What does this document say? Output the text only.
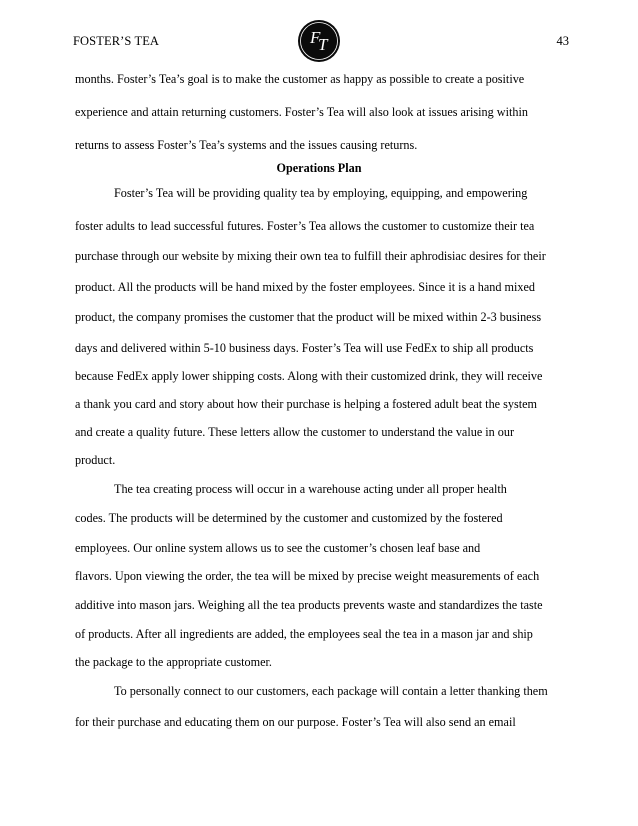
FOSTER’S TEA	F
T	43
months. Foster’s Tea’s goal is to make the customer as happy as possible to create a positive
experience and attain returning customers. Foster’s Tea will also look at issues arising within
returns to assess Foster’s Tea’s systems and the issues causing returns.
Operations Plan
Foster’s Tea will be providing quality tea by employing, equipping, and empowering
foster adults to lead successful futures. Foster’s Tea allows the customer to customize their tea
purchase through our website by mixing their own tea to fulfill their aphrodisiac desires for their
product. All the products will be hand mixed by the foster employees. Since it is a hand mixed
product, the company promises the customer that the product will be mixed within 2-3 business
days and delivered within 5-10 business days. Foster’s Tea will use FedEx to ship all products
because FedEx apply lower shipping costs. Along with their customized drink, they will receive
a thank you card and story about how their purchase is helping a fostered adult beat the system
and create a quality future. These letters allow the customer to understand the value in our
product.
The tea creating process will occur in a warehouse acting under all proper health
codes. The products will be determined by the customer and customized by the fostered
employees. Our online system allows us to see the customer’s chosen leaf base and
flavors. Upon viewing the order, the tea will be mixed by precise weight measurements of each
additive into mason jars. Weighing all the tea products prevents waste and standardizes the taste
of products. After all ingredients are added, the employees seal the tea in a mason jar and ship
the package to the appropriate customer.
To personally connect to our customers, each package will contain a letter thanking them
for their purchase and educating them on our purpose. Foster’s Tea will also send an email
